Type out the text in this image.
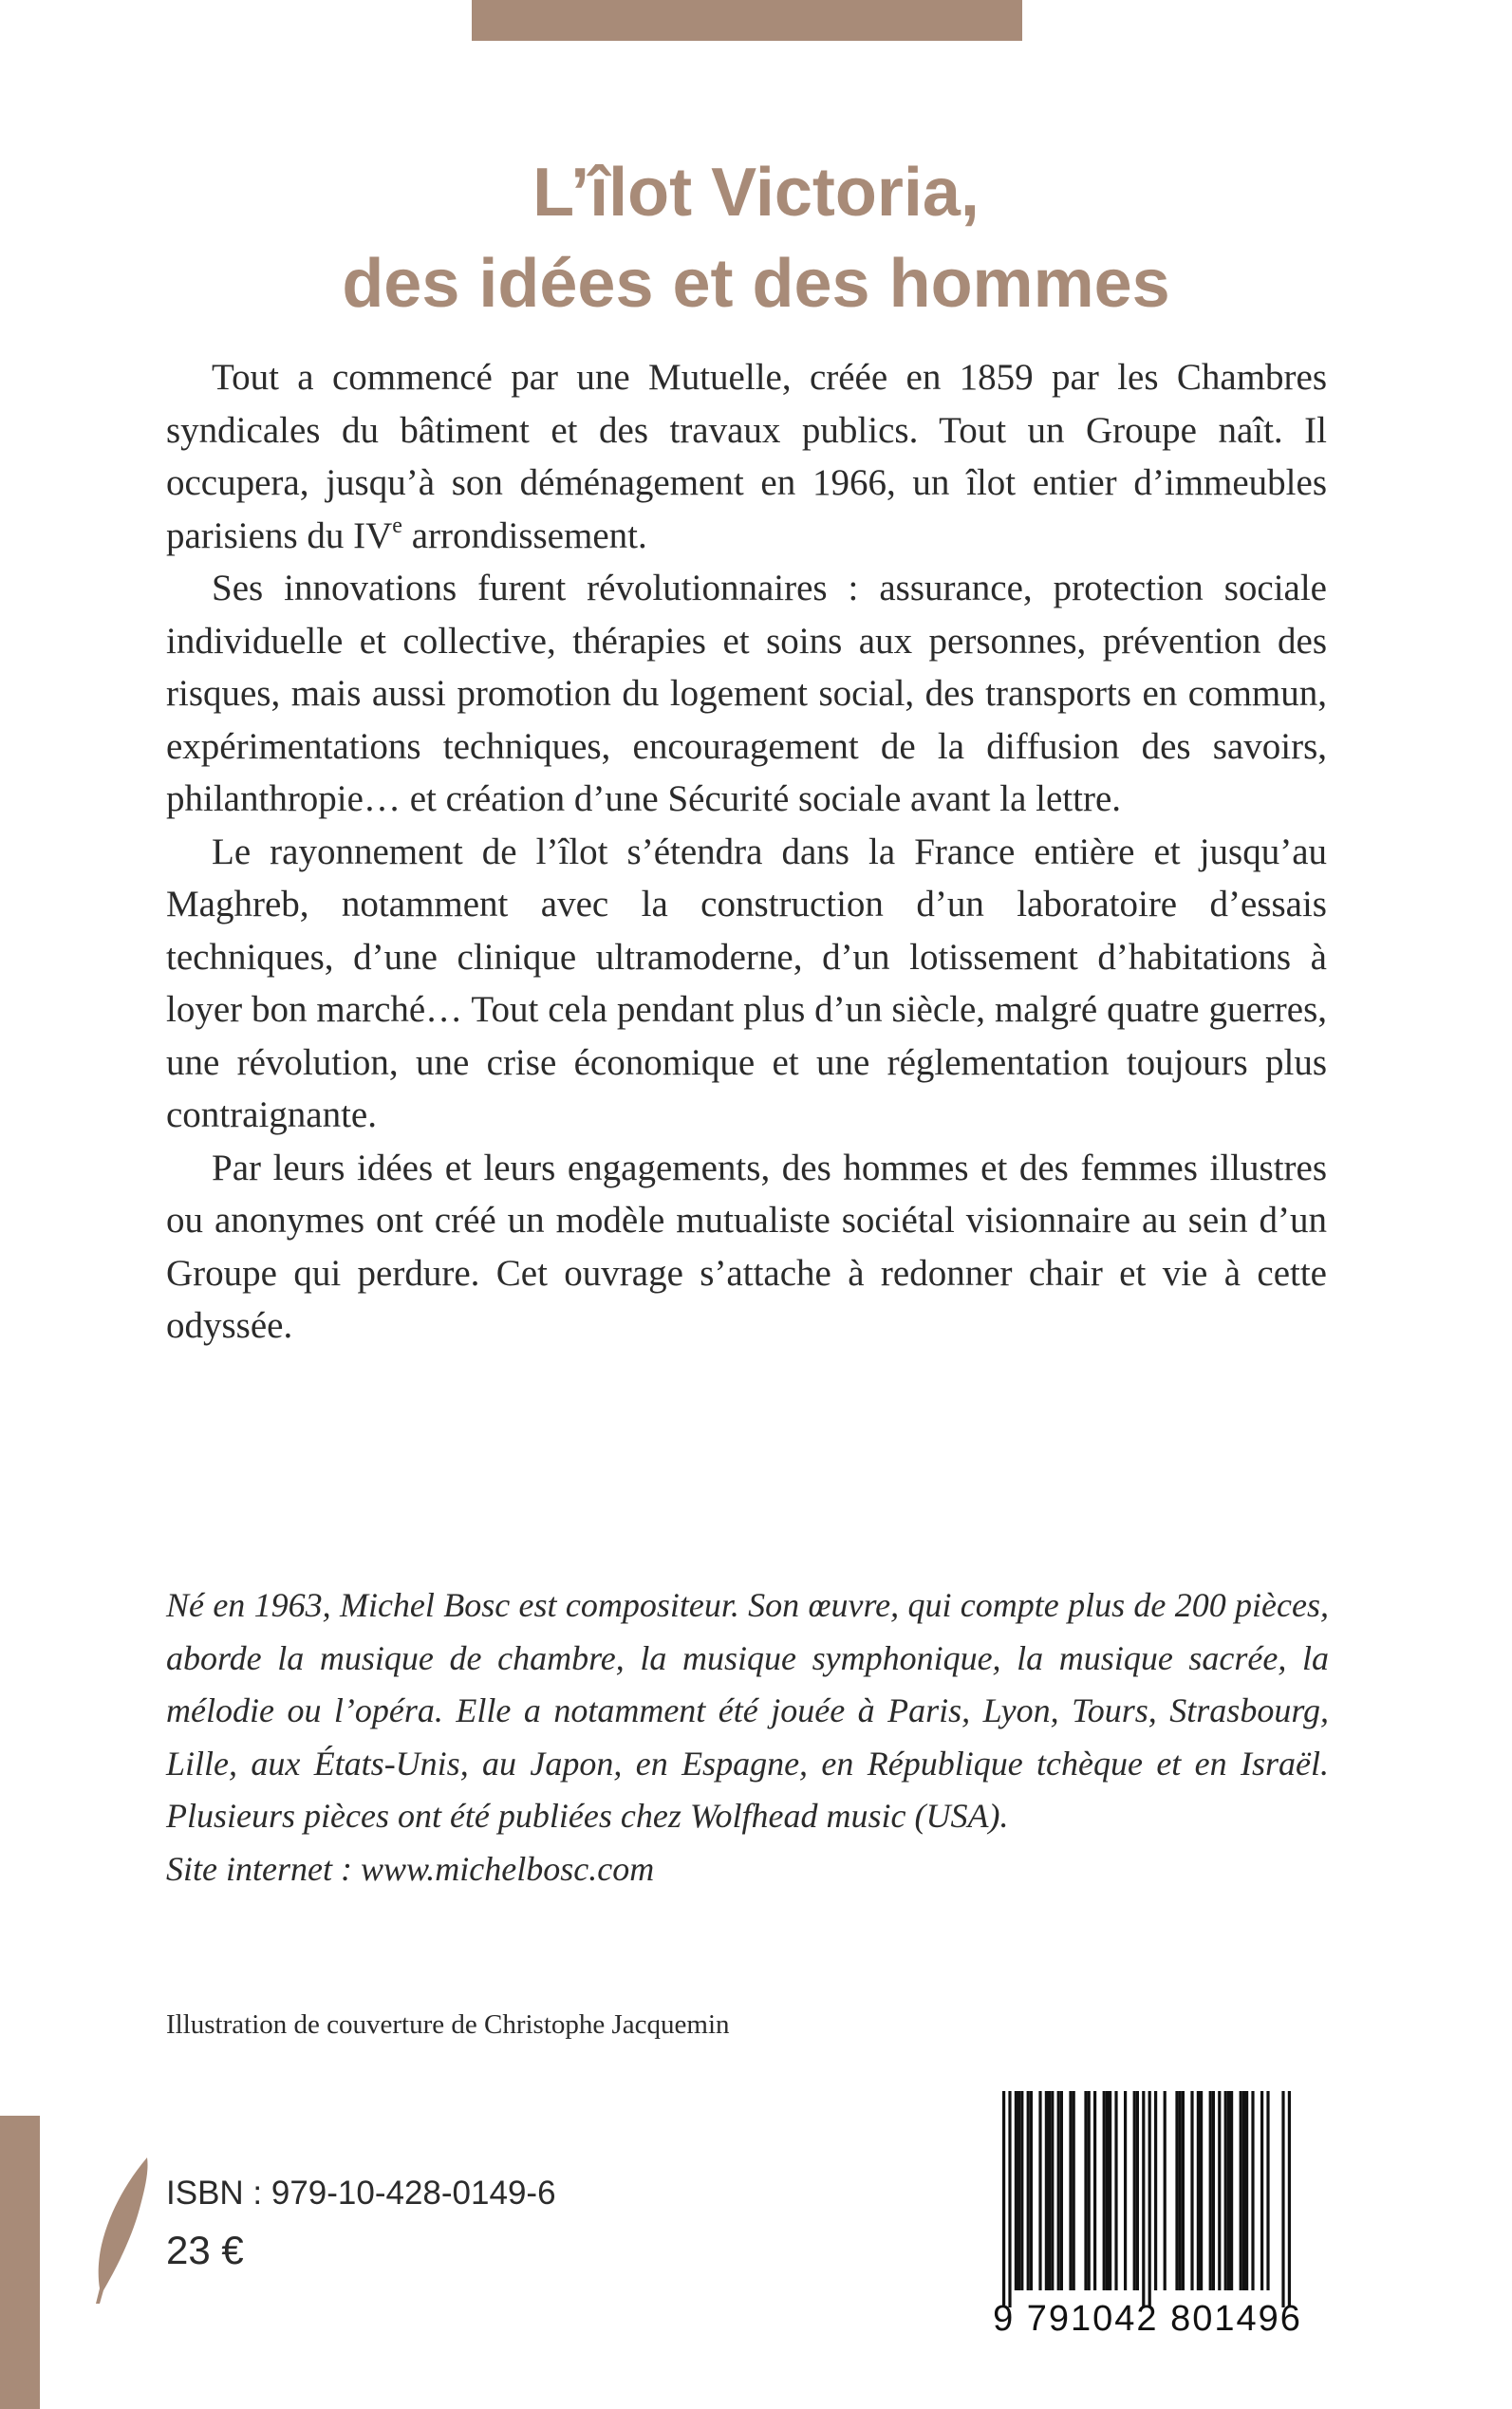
L’îlot Victoria,
des idées et des hommes

Tout a commencé par une Mutuelle, créée en 1859 par les Chambres syndicales du bâtiment et des travaux publics. Tout un Groupe naît. Il occupera, jusqu’à son déménagement en 1966, un îlot entier d’immeubles parisiens du IVe arrondissement.

Ses innovations furent révolutionnaires : assurance, protection sociale individuelle et collective, thérapies et soins aux personnes, prévention des risques, mais aussi promotion du logement social, des transports en commun, expérimentations techniques, encouragement de la diffusion des savoirs, philanthropie… et création d’une Sécurité sociale avant la lettre.

Le rayonnement de l’îlot s’étendra dans la France entière et jusqu’au Maghreb, notamment avec la construction d’un laboratoire d’essais techniques, d’une clinique ultramoderne, d’un lotissement d’habitations à loyer bon marché… Tout cela pendant plus d’un siècle, malgré quatre guerres, une révolution, une crise économique et une réglementation toujours plus contraignante.

Par leurs idées et leurs engagements, des hommes et des femmes illustres ou anonymes ont créé un modèle mutualiste sociétal visionnaire au sein d’un Groupe qui perdure. Cet ouvrage s’attache à redonner chair et vie à cette odyssée.

Né en 1963, Michel Bosc est compositeur. Son œuvre, qui compte plus de 200 pièces, aborde la musique de chambre, la musique symphonique, la musique sacrée, la mélodie ou l’opéra. Elle a notamment été jouée à Paris, Lyon, Tours, Strasbourg, Lille, aux États-Unis, au Japon, en Espagne, en République tchèque et en Israël. Plusieurs pièces ont été publiées chez Wolfhead music (USA).

Site internet : www.michelbosc.com

Illustration de couverture de Christophe Jacquemin
ISBN : 979-10-428-0149-6
23 €
9 791042 801496
